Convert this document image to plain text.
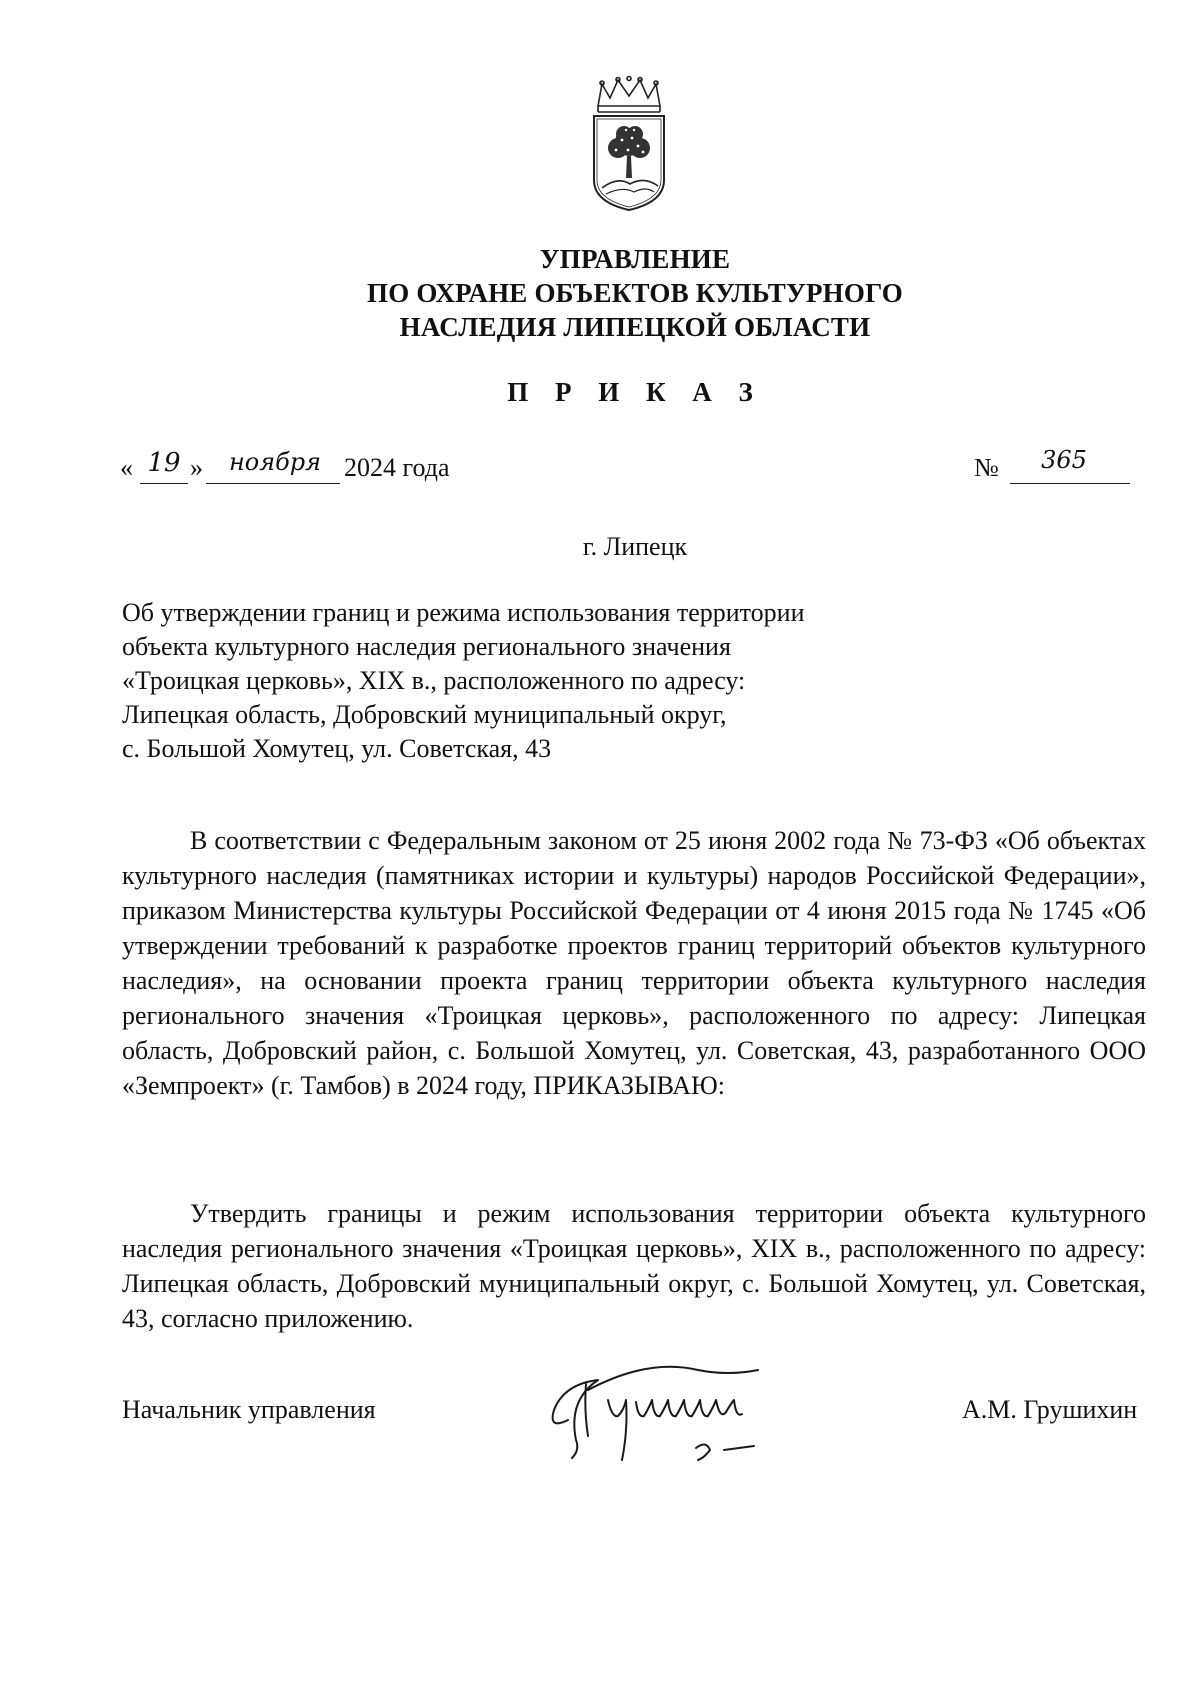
УПРАВЛЕНИЕ
ПО ОХРАНЕ ОБЪЕКТОВ КУЛЬТУРНОГО
НАСЛЕДИЯ ЛИПЕЦКОЙ ОБЛАСТИ
П Р И К А З
« 19 »	ноября 2024 года	№	365
г. Липецк
Об утверждении границ и режима использования территории
объекта культурного наследия регионального значения
«Троицкая церковь», XIX в., расположенного по адресу:
Липецкая область, Добровский муниципальный округ,
с. Большой Хомутец, ул. Советская, 43

В соответствии с Федеральным законом от 25 июня 2002 года № 73-ФЗ «Об объектах культурного наследия (памятниках истории и культуры) народов Российской Федерации», приказом Министерства культуры Российской Федерации от 4 июня 2015 года № 1745 «Об утверждении требований к разработке проектов границ территорий объектов культурного наследия», на основании проекта границ территории объекта культурного наследия регионального значения «Троицкая церковь», расположенного по адресу: Липецкая область, Добровский район, с. Большой Хомутец, ул. Советская, 43, разработанного ООО «Земпроект» (г. Тамбов) в 2024 году, ПРИКАЗЫВАЮ:

Утвердить границы и режим использования территории объекта культурного наследия регионального значения «Троицкая церковь», XIX в., расположенного по адресу: Липецкая область, Добровский муниципальный округ, с. Большой Хомутец, ул. Советская, 43, согласно приложению.

Начальник управления	А.М. Грушихин
